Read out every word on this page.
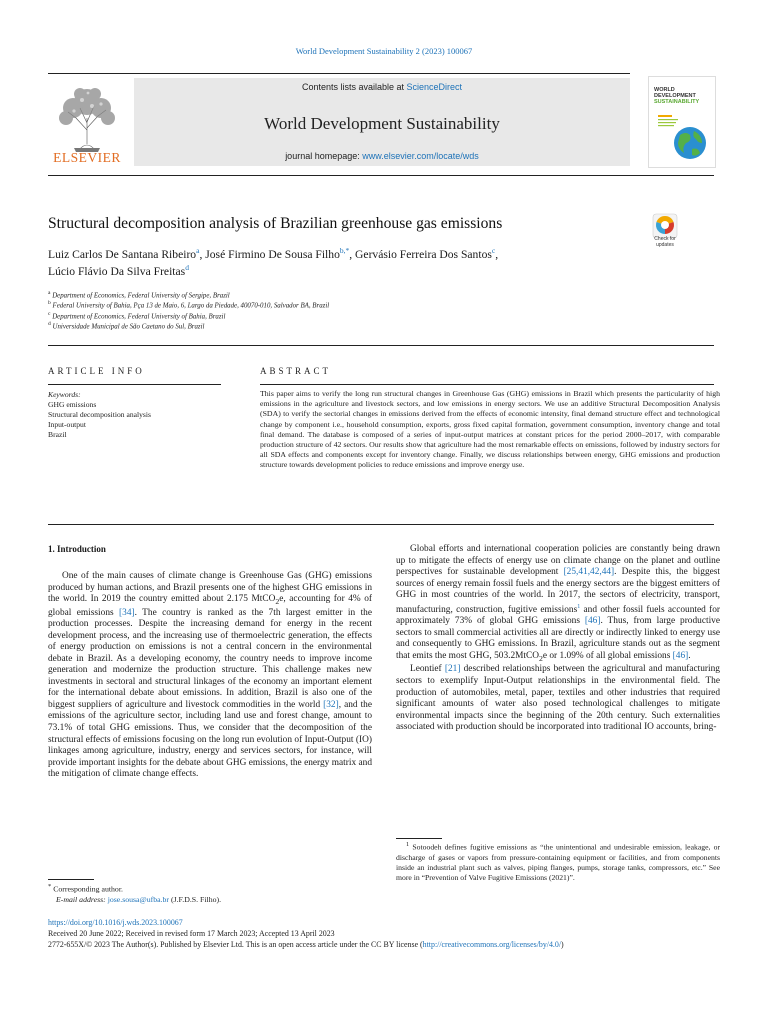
World Development Sustainability 2 (2023) 100067
ELSEVIER
Contents lists available at ScienceDirect
World Development Sustainability
journal homepage: www.elsevier.com/locate/wds
WORLD
DEVELOPMENT
SUSTAINABILITY
Structural decomposition analysis of Brazilian greenhouse gas emissions
Check for
updates
Luiz Carlos De Santana Ribeiro$^a$, José Firmino De Sousa Filho$^{b,*}$, Gervásio Ferreira Dos Santos$^c$,
Lúcio Flávio Da Silva Freitas$^d$
$^a$ Department of Economics, Federal University of Sergipe, Brazil
$^b$ Federal University of Bahia, Pça 13 de Maio, 6, Largo da Piedade, 40070-010, Salvador BA, Brazil
$^c$ Department of Economics, Federal University of Bahia, Brazil
$^d$ Universidade Municipal de São Caetano do Sul, Brazil
ARTICLE INFO	ABSTRACT
Keywords:
GHG emissions
Structural decomposition analysis
Input-output
Brazil
This paper aims to verify the long run structural changes in Greenhouse Gas (GHG) emissions in Brazil which presents the particularity of high emissions in the agriculture and livestock sectors, and low emissions in energy sectors. We use an additive Structural Decomposition Analysis (SDA) to verify the sectorial changes in emissions derived from the effects of economic intensity, final demand structure effect and technological change by component i.e., household consumption, exports, gross fixed capital formation, government consumption, inventory change and total final demand. The database is composed of a series of input-output matrices at constant prices for the period 2000–2017, with comparable production structure of 42 sectors. Our results show that agriculture had the most remarkable effects on emissions, followed by industry sectors for all SDA effects and components except for inventory change. Finally, we discuss relationships between energy, GHG emissions and production structure towards development policies to reduce emissions and improve energy use.
1. Introduction

One of the main causes of climate change is Greenhouse Gas (GHG) emissions produced by human actions, and Brazil presents one of the highest GHG emissions in the world. In 2019 the country emitted about 2.175 MtCO$_2$e, accounting for 4% of global emissions [34]. The country is ranked as the 7th largest emitter in the production processes. Despite the increasing demand for energy in the recent development process, and the increasing use of thermoelectric generation, the effects of energy production on emissions is not a central concern in the environmental debate in Brazil. As a developing economy, the country needs to improve income generation and modernize the production structure. This challenge makes new investments in sectoral and structural linkages of the economy an important element for the international debate about emissions. In addition, Brazil is also one of the biggest suppliers of agriculture and livestock commodities in the world [32], and the emissions of the agriculture sector, including land use and forest change, amount to 73.1% of total GHG emissions. Thus, we consider that the decomposition of the structural effects of emissions focusing on the long run evolution of Input-Output (IO) linkages among agriculture, industry, energy and services sectors, for instance, will provide important insights for the debate about GHG emissions, the energy matrix and the mitigation of climate change effects.

Global efforts and international cooperation policies are constantly being drawn up to mitigate the effects of energy use on climate change on the planet and outline perspectives for sustainable development [25,41,42,44]. Despite this, the biggest sources of energy remain fossil fuels and the energy sectors are the biggest emitters of GHG in most countries of the world. In 2017, the sectors of electricity, transport, manufacturing, construction, fugitive emissions$^1$ and other fossil fuels accounted for approximately 73% of global GHG emissions [46]. Thus, from large productive sectors to small commercial activities all are directly or indirectly linked to energy use and consequently to GHG emissions. In Brazil, agriculture stands out as the segment that emits the most GHG, 503.2MtCO$_2$e or 1.09% of all global emissions [46].

Leontief [21] described relationships between the agricultural and manufacturing sectors to exemplify Input-Output relationships in the environmental field. The production of automobiles, metal, paper, textiles and other industries that required significant amounts of water also posed technological challenges to mitigate environmental impacts since the beginning of the 20th century. Such externalities associated with production should be incorporated into traditional IO accounts, bring-

* Corresponding author.
E-mail address: jose.sousa@ufba.br (J.F.D.S. Filho).
$^1$ Sotoodeh defines fugitive emissions as “the unintentional and undesirable emission, leakage, or discharge of gases or vapors from pressure-containing equipment or facilities, and from components inside an industrial plant such as valves, piping flanges, pumps, storage tanks, compressors, etc.” See more in “Prevention of Valve Fugitive Emissions (2021)”.
https://doi.org/10.1016/j.wds.2023.100067
Received 20 June 2022; Received in revised form 17 March 2023; Accepted 13 April 2023
2772-655X/© 2023 The Author(s). Published by Elsevier Ltd. This is an open access article under the CC BY license (http://creativecommons.org/licenses/by/4.0/)
